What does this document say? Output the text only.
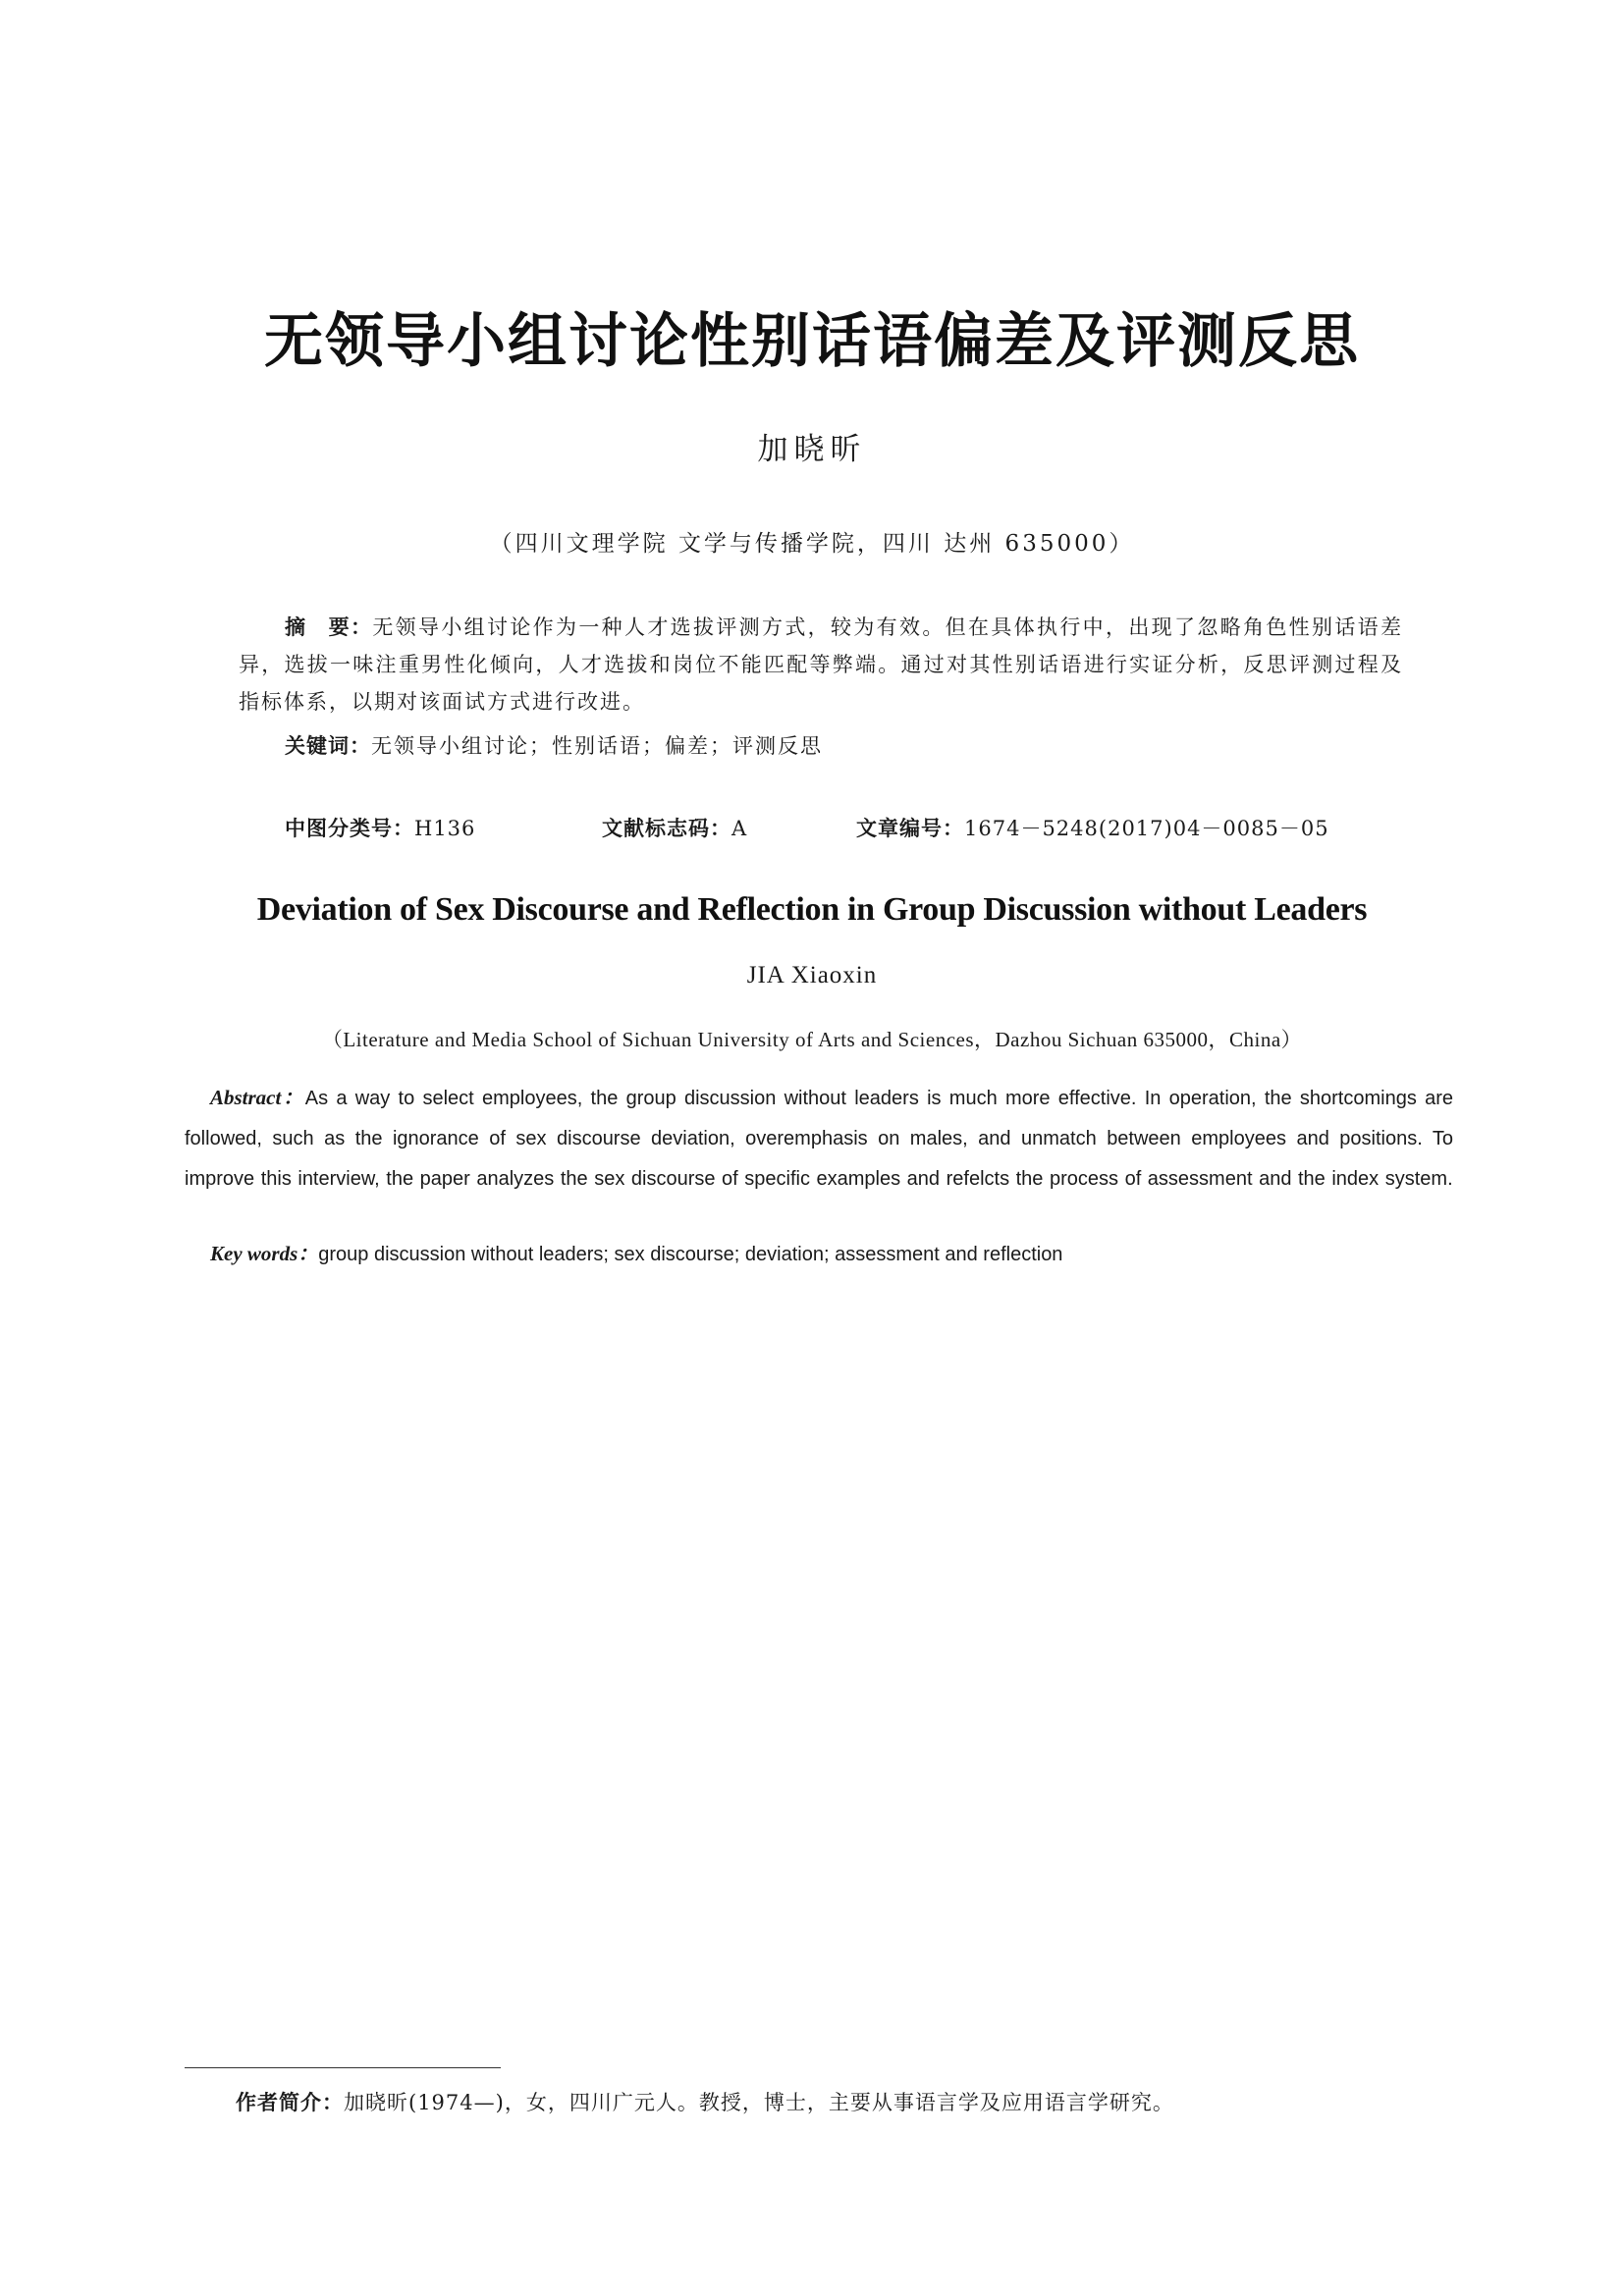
无领导小组讨论性别话语偏差及评测反思
加晓昕
（四川文理学院 文学与传播学院，四川 达州 635000）
摘　要：无领导小组讨论作为一种人才选拔评测方式，较为有效。但在具体执行中，出现了忽略角色性别话语差异，选拔一味注重男性化倾向，人才选拔和岗位不能匹配等弊端。通过对其性别话语进行实证分析，反思评测过程及指标体系，以期对该面试方式进行改进。
关键词：无领导小组讨论；性别话语；偏差；评测反思
中图分类号：H136	文献标志码：A	文章编号：1674－5248(2017)04－0085－05
Deviation of Sex Discourse and Reflection in Group Discussion without Leaders
JIA Xiaoxin
（Literature and Media School of Sichuan University of Arts and Sciences，Dazhou Sichuan 635000，China）
Abstract：As a way to select employees, the group discussion without leaders is much more effective. In operation, the shortcomings are followed, such as the ignorance of sex discourse deviation, overemphasis on males, and unmatch between employees and positions. To improve this interview, the paper analyzes the sex discourse of specific examples and refelcts the process of assessment and the index system.
Key words：group discussion without leaders; sex discourse; deviation; assessment and reflection
作者简介：加晓昕(1974—)，女，四川广元人。教授，博士，主要从事语言学及应用语言学研究。
